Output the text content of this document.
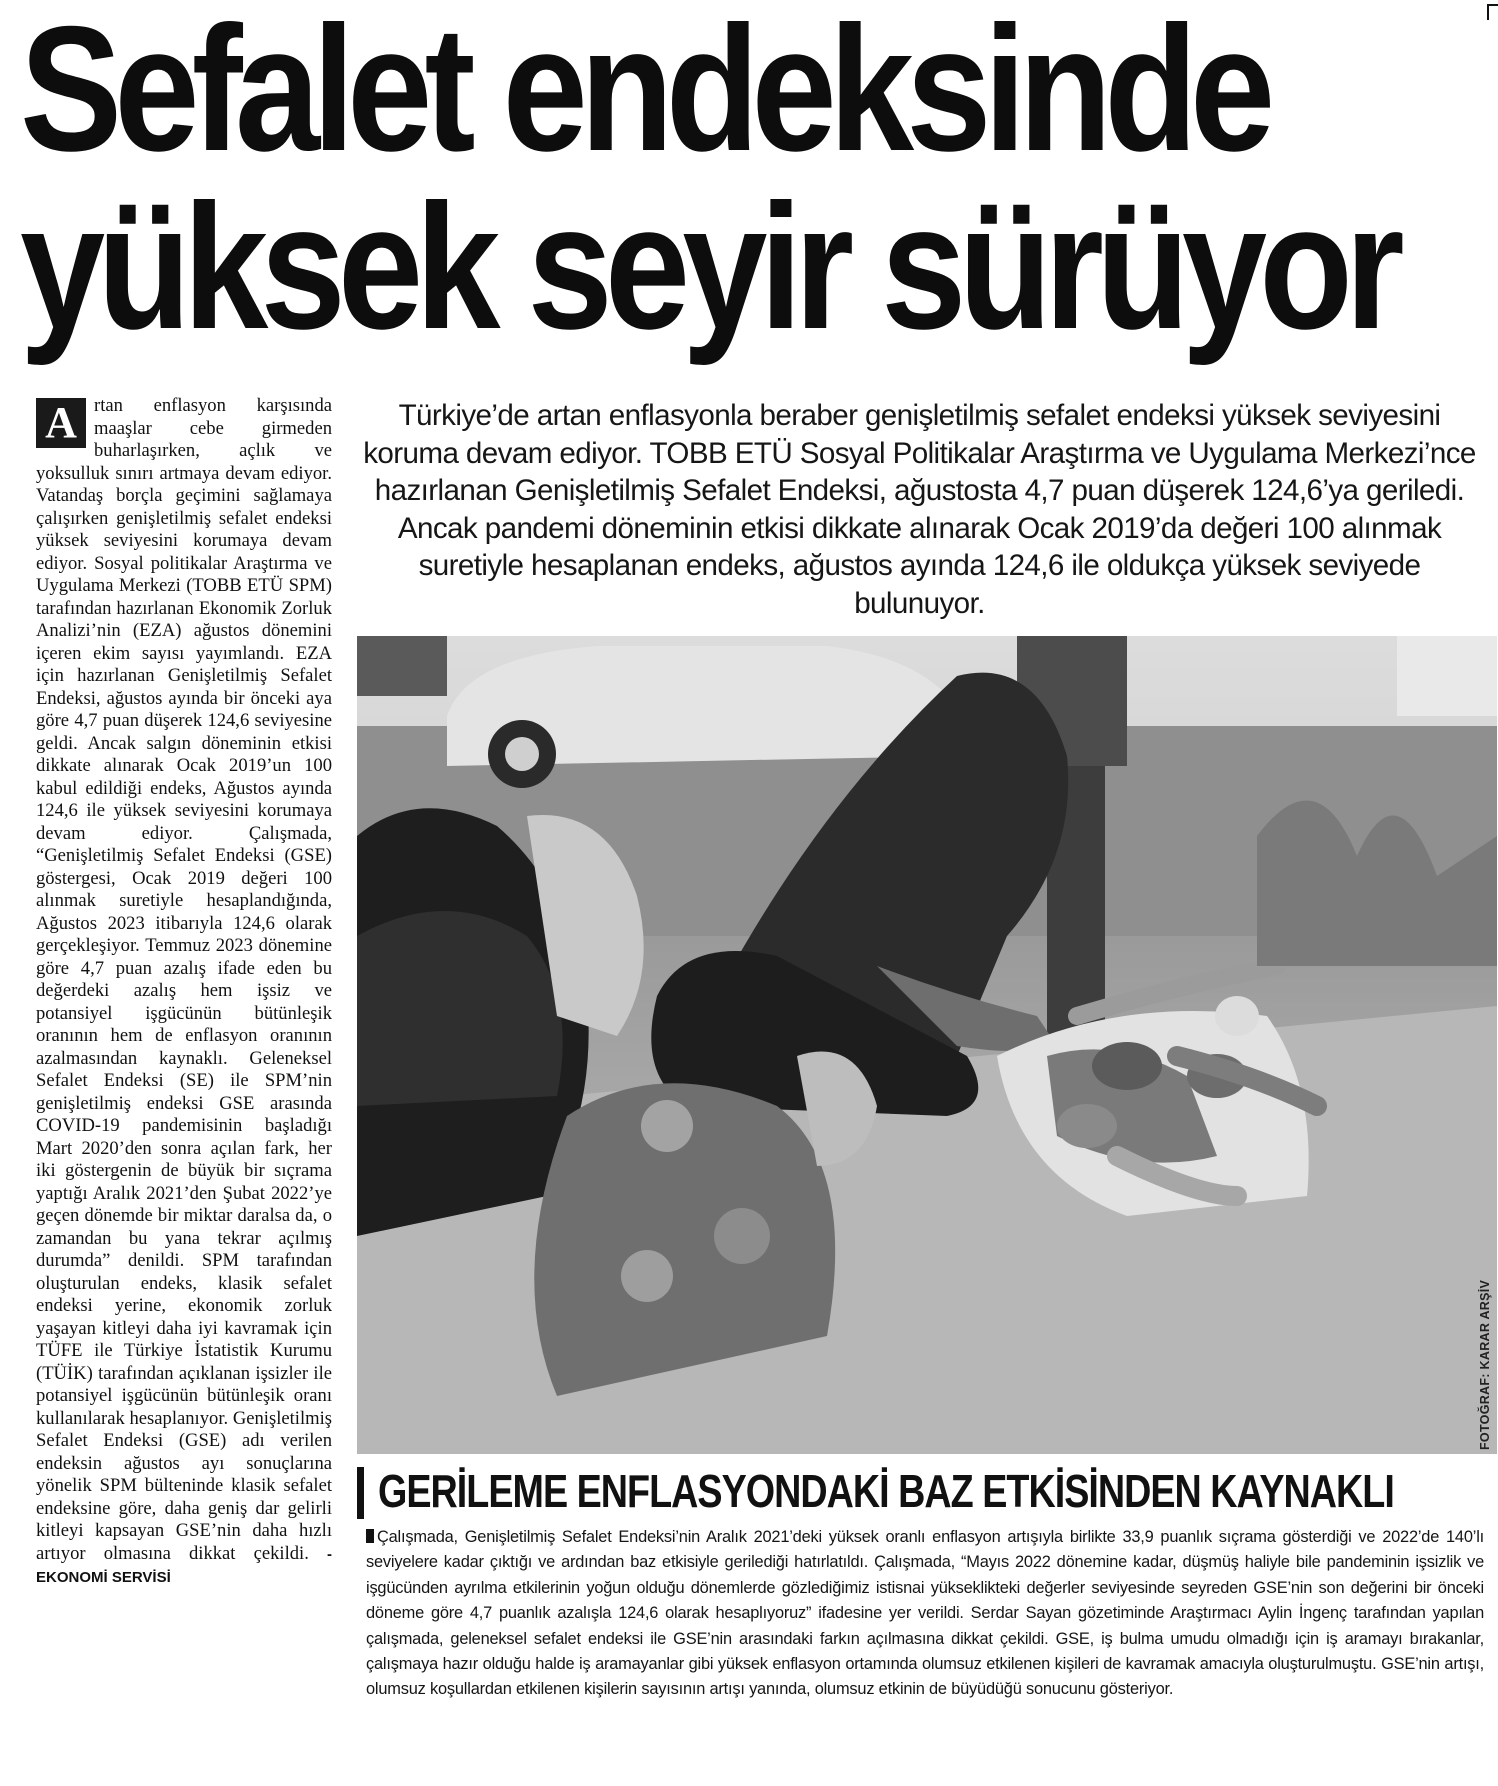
Sefalet endeksinde
yüksek seyir sürüyor
A rtan enflasyon karşısında maaşlar cebe girmeden buharlaşırken, açlık ve yoksulluk sınırı artmaya devam ediyor. Vatandaş borçla geçimini sağlamaya çalışırken genişletilmiş sefalet endeksi yüksek seviyesini korumaya devam ediyor. Sosyal politikalar Araştırma ve Uygulama Merkezi (TOBB ETÜ SPM) tarafından hazırlanan Ekonomik Zorluk Analizi’nin (EZA) ağustos dönemini içeren ekim sayısı yayımlandı. EZA için hazırlanan Genişletilmiş Sefalet Endeksi, ağustos ayında bir önceki aya göre 4,7 puan düşerek 124,6 seviyesine geldi. Ancak salgın döneminin etkisi dikkate alınarak Ocak 2019’un 100 kabul edildiği endeks, Ağustos ayında 124,6 ile yüksek seviyesini korumaya devam ediyor. Çalışmada, “Genişletilmiş Sefalet Endeksi (GSE) göstergesi, Ocak 2019 değeri 100 alınmak suretiyle hesaplandığında, Ağustos 2023 itibarıyla 124,6 olarak gerçekleşiyor. Temmuz 2023 dönemine göre 4,7 puan azalış ifade eden bu değerdeki azalış hem işsiz ve potansiyel işgücünün bütünleşik oranının hem de enflasyon oranının azalmasından kaynaklı. Geleneksel Sefalet Endeksi (SE) ile SPM’nin genişletilmiş endeksi GSE arasında COVID-19 pandemisinin başladığı Mart 2020’den sonra açılan fark, her iki göstergenin de büyük bir sıçrama yaptığı Aralık 2021’den Şubat 2022’ye geçen dönemde bir miktar daralsa da, o zamandan bu yana tekrar açılmış durumda” denildi. SPM tarafından oluşturulan endeks, klasik sefalet endeksi yerine, ekonomik zorluk yaşayan kitleyi daha iyi kavramak için TÜFE ile Türkiye İstatistik Kurumu (TÜİK) tarafından açıklanan işsizler ile potansiyel işgücünün bütünleşik oranı kullanılarak hesaplanıyor. Genişletilmiş Sefalet Endeksi (GSE) adı verilen endeksin ağustos ayı sonuçlarına yönelik SPM bülteninde klasik sefalet endeksine göre, daha geniş dar gelirli kitleyi kapsayan GSE’nin daha hızlı artıyor olmasına dikkat çekildi. -EKONOMİ SERVİSİ
Türkiye’de artan enflasyonla beraber genişletilmiş sefalet endeksi yüksek seviyesini koruma devam ediyor. TOBB ETÜ Sosyal Politikalar Araştırma ve Uygulama Merkezi’nce hazırlanan Genişletilmiş Sefalet Endeksi, ağustosta 4,7 puan düşerek 124,6’ya geriledi. Ancak pandemi döneminin etkisi dikkate alınarak Ocak 2019’da değeri 100 alınmak suretiyle hesaplanan endeks, ağustos ayında 124,6 ile oldukça yüksek seviyede bulunuyor.
FOTOĞRAF: KARAR ARŞİV
GERİLEME ENFLASYONDAKİ BAZ ETKİSİNDEN KAYNAKLI
Çalışmada, Genişletilmiş Sefalet Endeksi’nin Aralık 2021’deki yüksek oranlı enflasyon artışıyla birlikte 33,9 puanlık sıçrama gösterdiği ve 2022’de 140’lı seviyelere kadar çıktığı ve ardından baz etkisiyle gerilediği hatırlatıldı. Çalışmada, “Mayıs 2022 dönemine kadar, düşmüş haliyle bile pandeminin işsizlik ve işgücünden ayrılma etkilerinin yoğun olduğu dönemlerde gözlediğimiz istisnai yükseklikteki değerler seviyesinde seyreden GSE’nin son değerini bir önceki döneme göre 4,7 puanlık azalışla 124,6 olarak hesaplıyoruz” ifadesine yer verildi. Serdar Sayan gözetiminde Araştırmacı Aylin İngenç tarafından yapılan çalışmada, geleneksel sefalet endeksi ile GSE’nin arasındaki farkın açılmasına dikkat çekildi. GSE, iş bulma umudu olmadığı için iş aramayı bırakanlar, çalışmaya hazır olduğu halde iş aramayanlar gibi yüksek enflasyon ortamında olumsuz etkilenen kişileri de kavramak amacıyla oluşturulmuştu. GSE’nin artışı, olumsuz koşullardan etkilenen kişilerin sayısının artışı yanında, olumsuz etkinin de büyüdüğü sonucunu gösteriyor.
